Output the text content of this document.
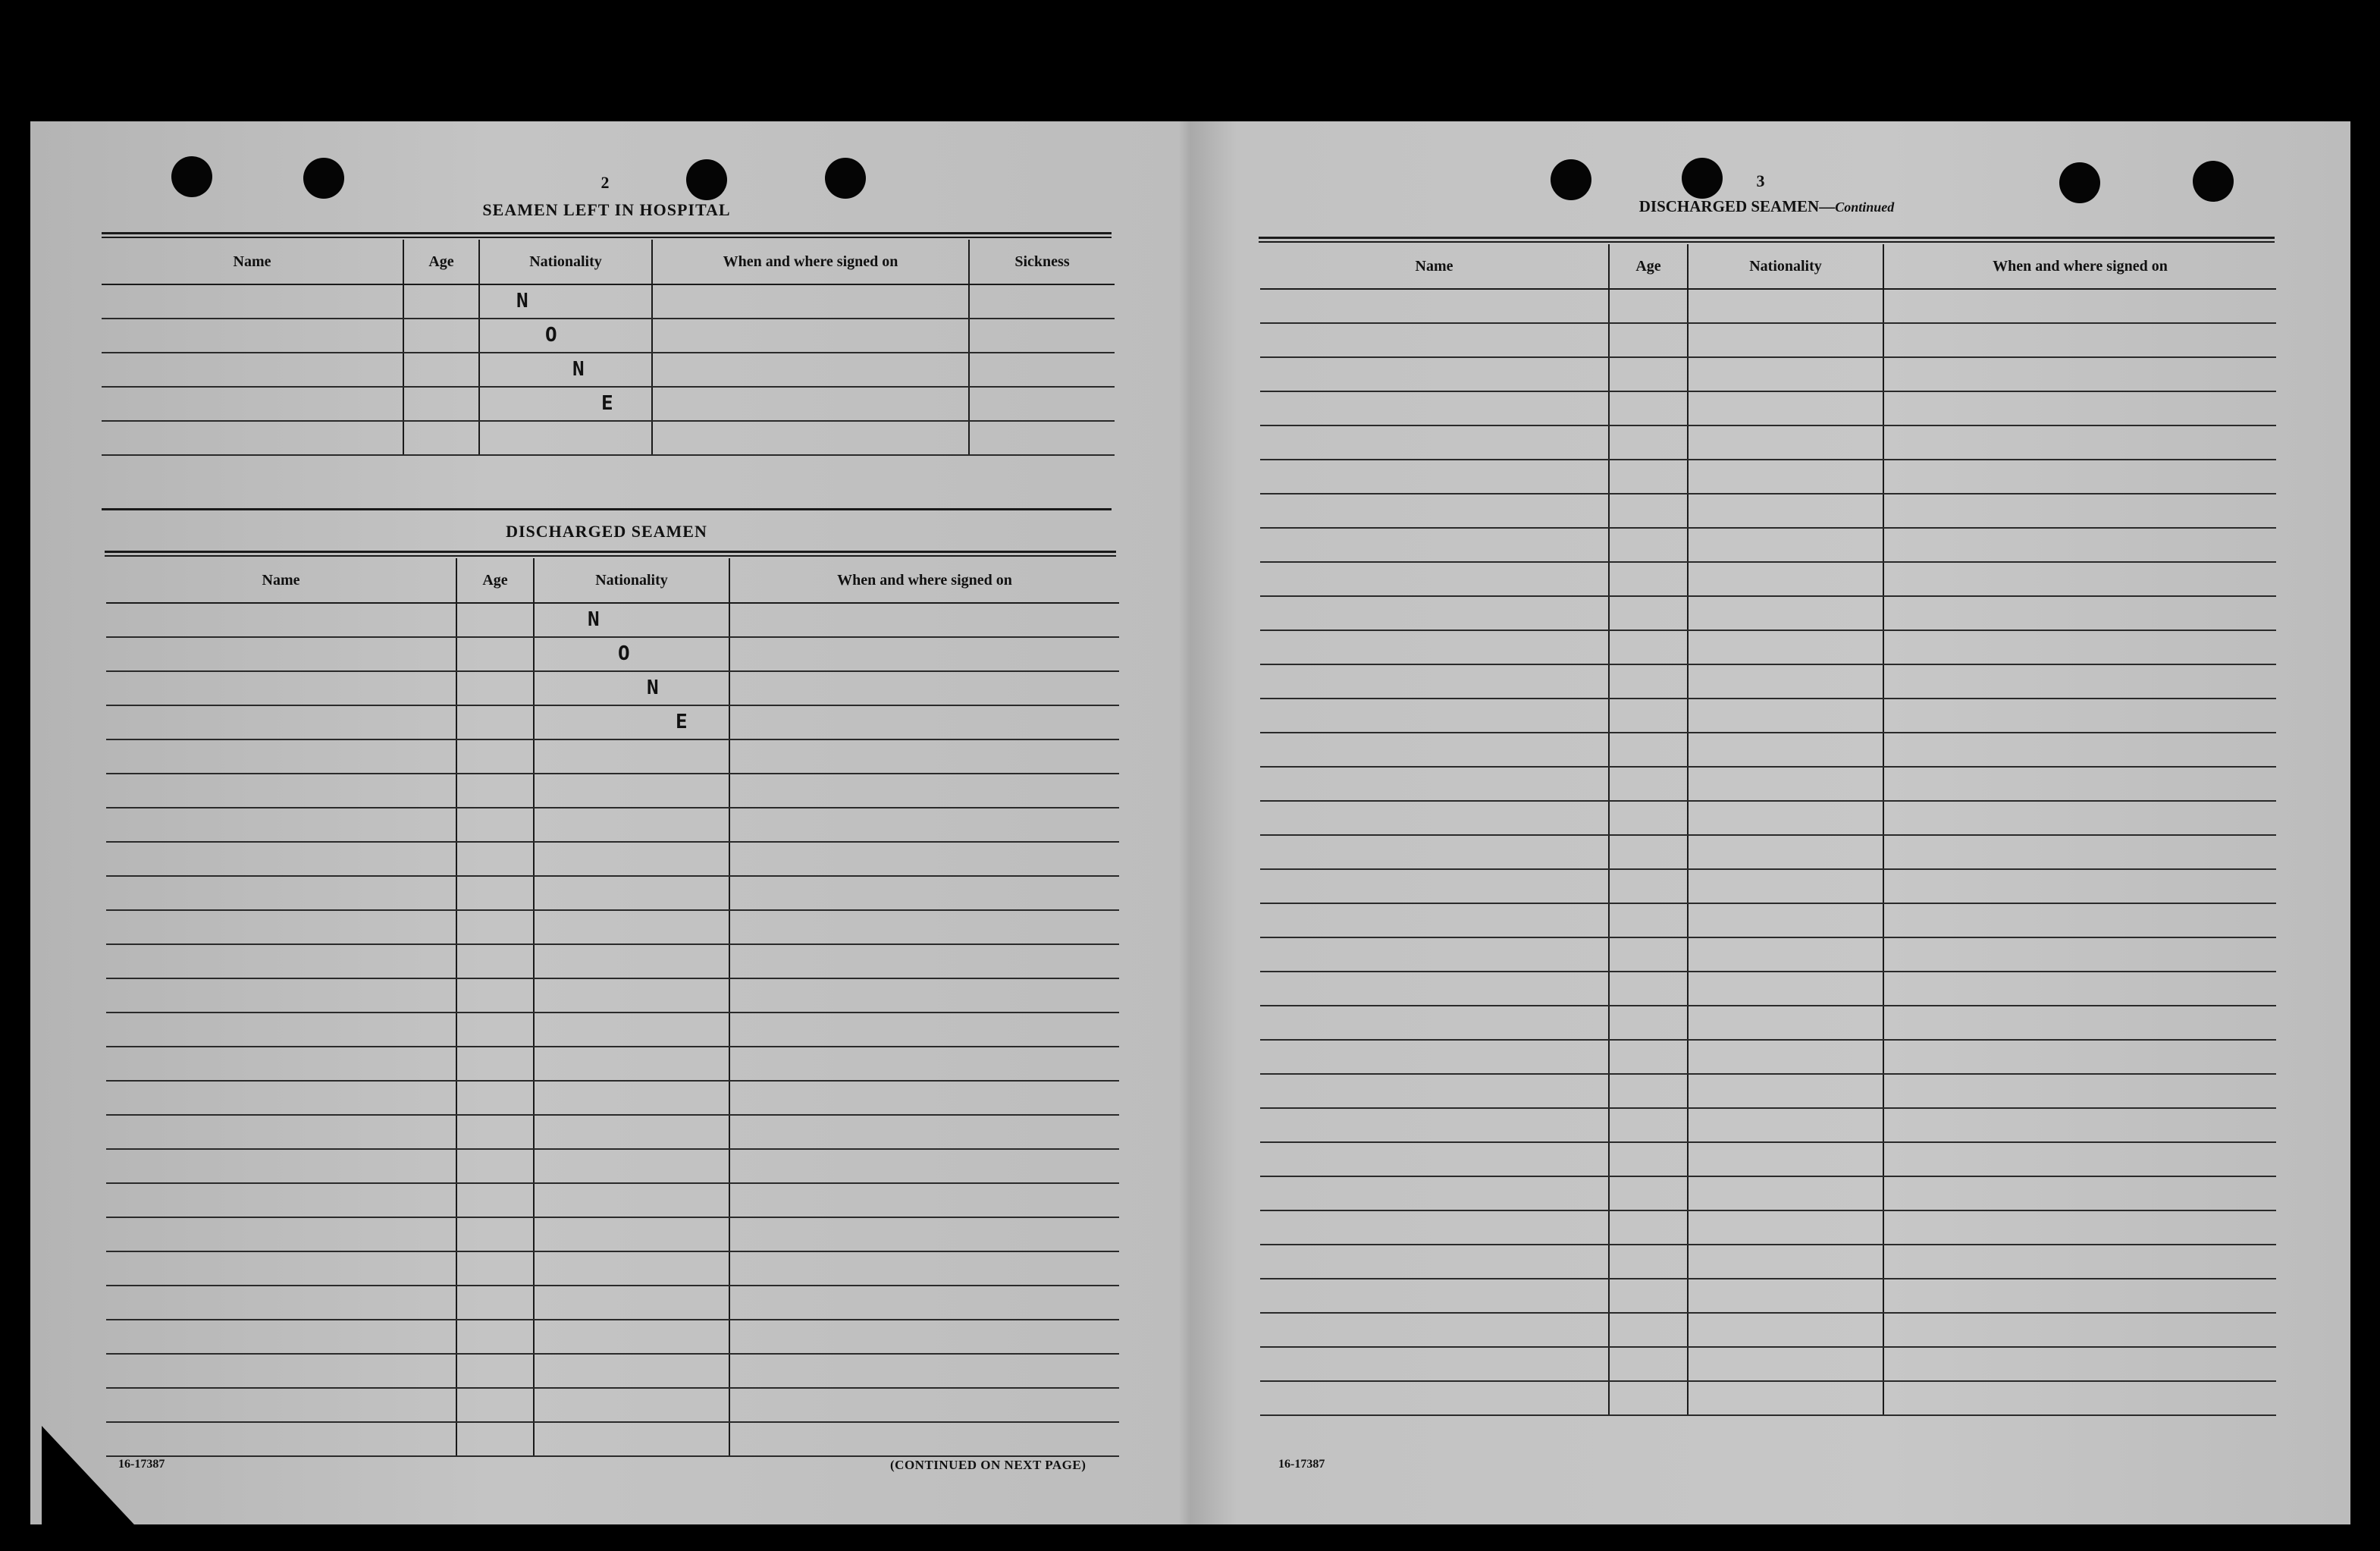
2
SEAMEN LEFT IN HOSPITAL
Name	Age	Nationality	When and where signed on	Sickness

		N		

		O		

		N		

		E		

DISCHARGED SEAMEN
Name	Age	Nationality	When and where signed on

		N	

		O	

		N	

		E	

16-17387	(CONTINUED ON NEXT PAGE)
3
DISCHARGED SEAMEN—Continued
Name	Age	Nationality	When and where signed on

16-17387
